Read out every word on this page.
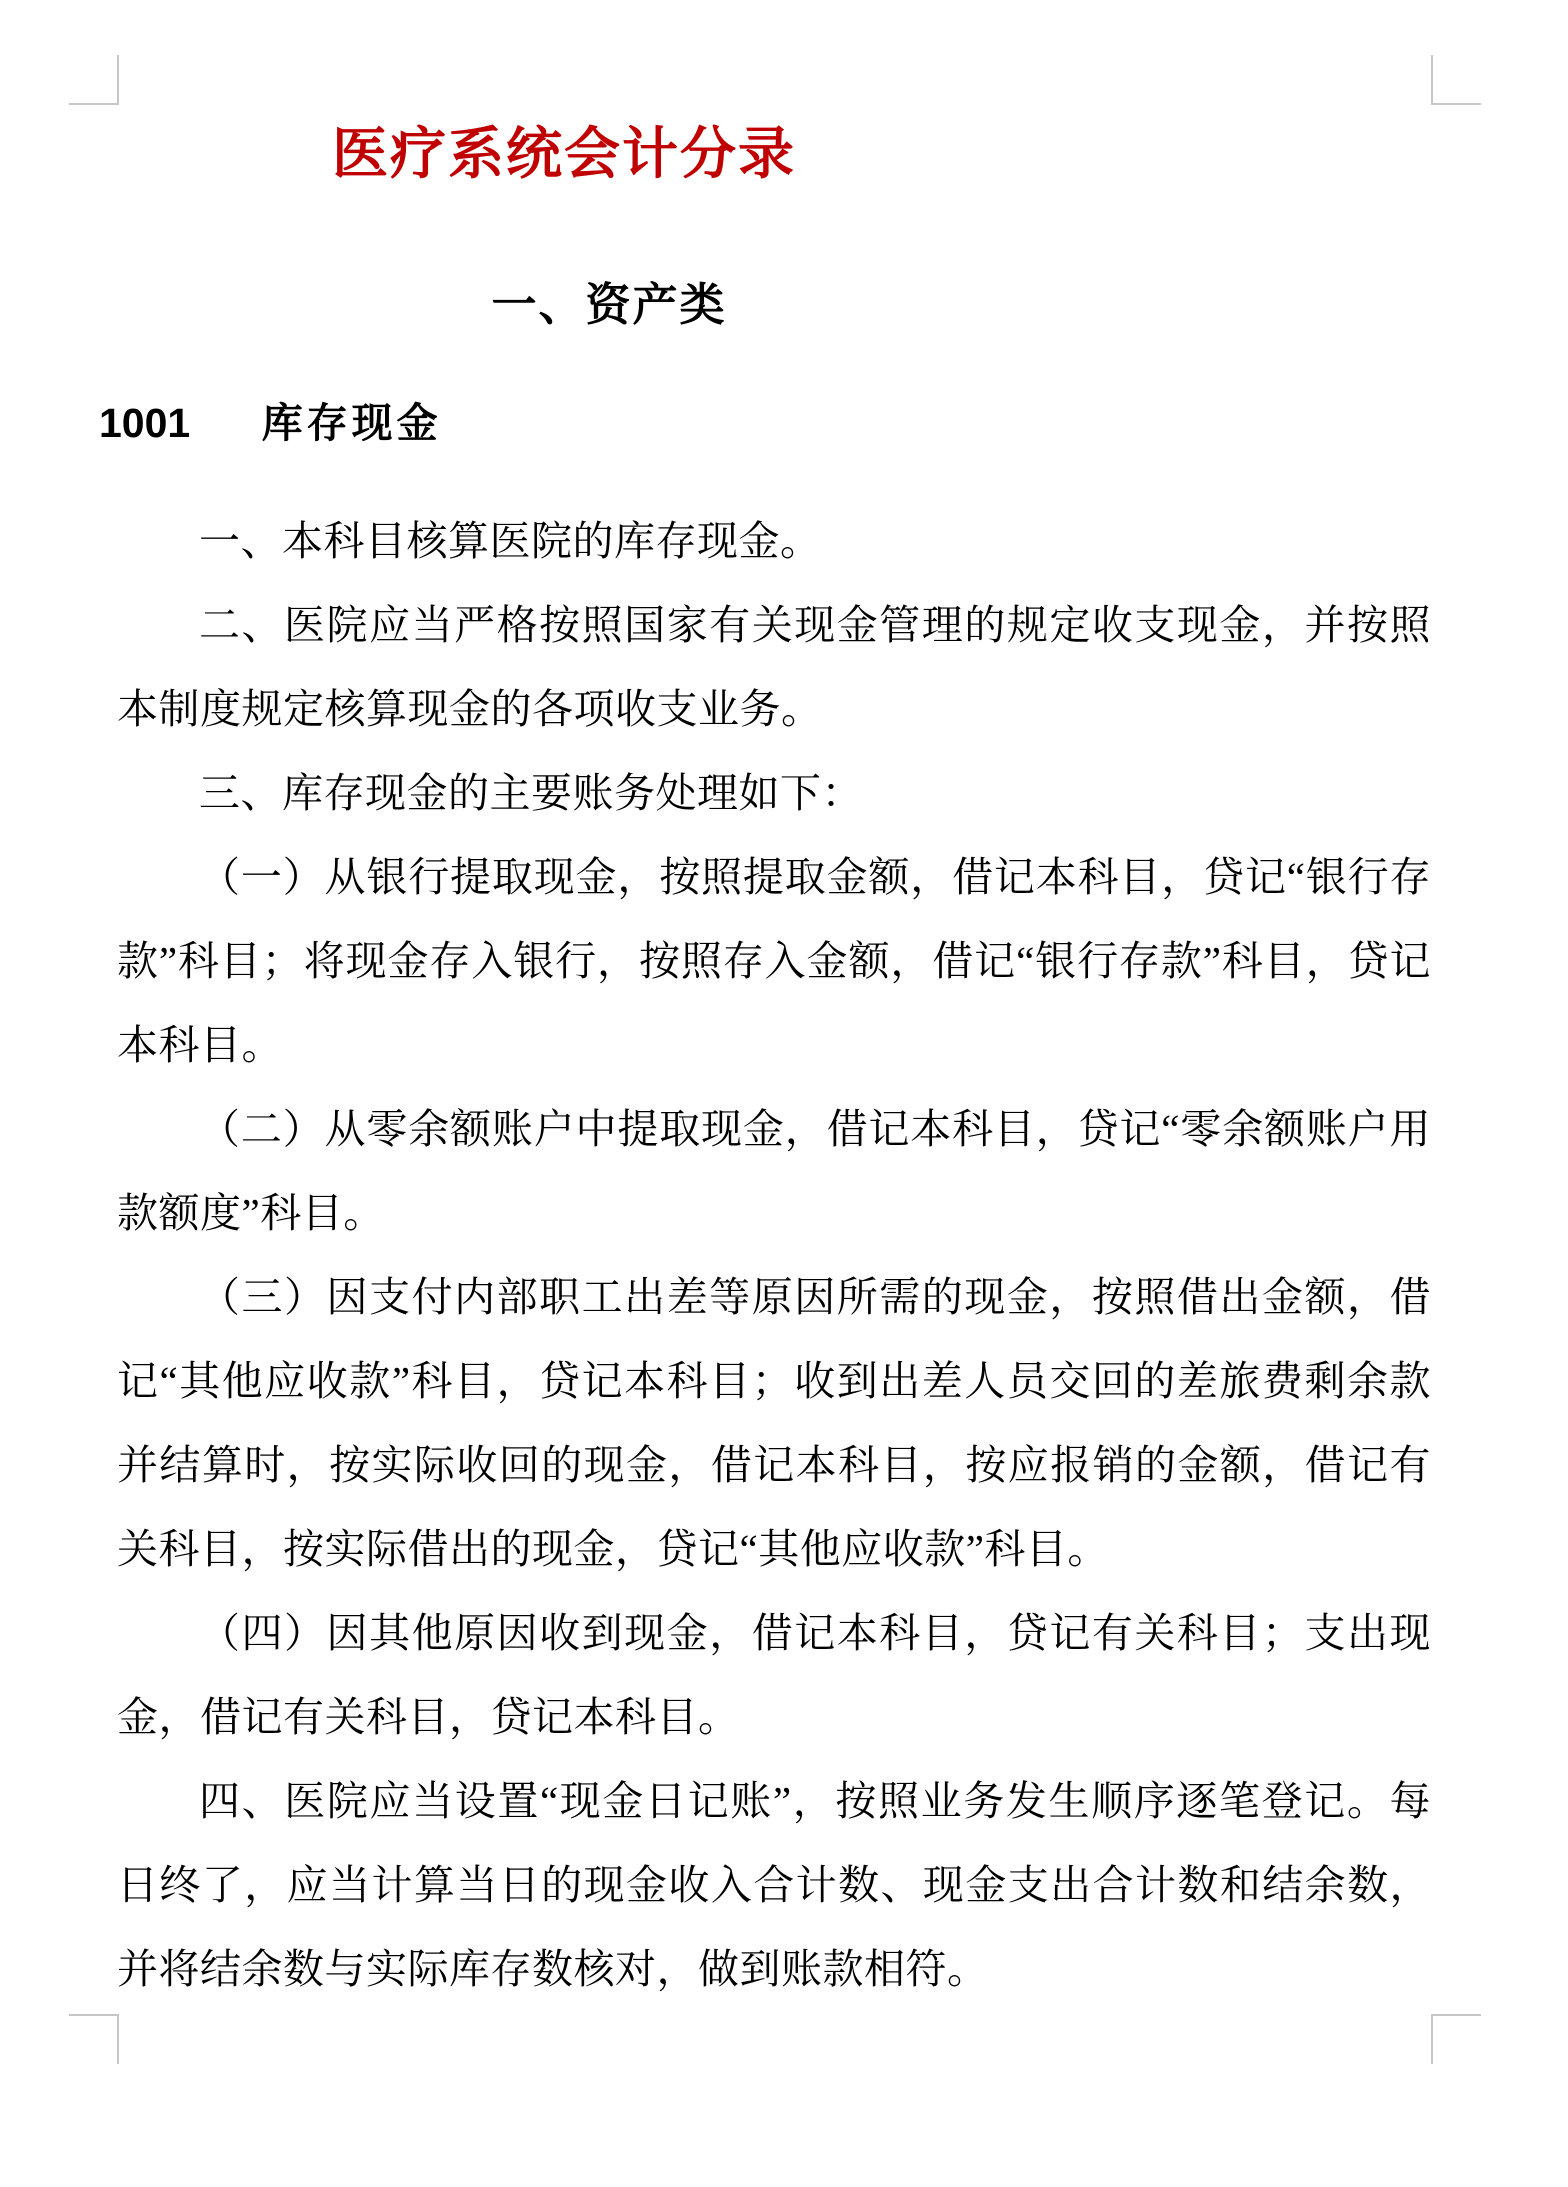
医疗系统会计分录
一、资产类
1001 库存现金

一、本科目核算医院的库存现金。

二、医院应当严格按照国家有关现金管理的规定收支现金，并按照本制度规定核算现金的各项收支业务。

三、库存现金的主要账务处理如下：

（一）从银行提取现金，按照提取金额，借记本科目，贷记“银行存款”科目；将现金存入银行，按照存入金额，借记“银行存款”科目，贷记本科目。

（二）从零余额账户中提取现金，借记本科目，贷记“零余额账户用款额度”科目。

（三）因支付内部职工出差等原因所需的现金，按照借出金额，借记“其他应收款”科目，贷记本科目；收到出差人员交回的差旅费剩余款并结算时，按实际收回的现金，借记本科目，按应报销的金额，借记有关科目，按实际借出的现金，贷记“其他应收款”科目。

（四）因其他原因收到现金，借记本科目，贷记有关科目；支出现金，借记有关科目，贷记本科目。

四、医院应当设置“现金日记账”，按照业务发生顺序逐笔登记。每日终了，应当计算当日的现金收入合计数、现金支出合计数和结余数，并将结余数与实际库存数核对，做到账款相符。
